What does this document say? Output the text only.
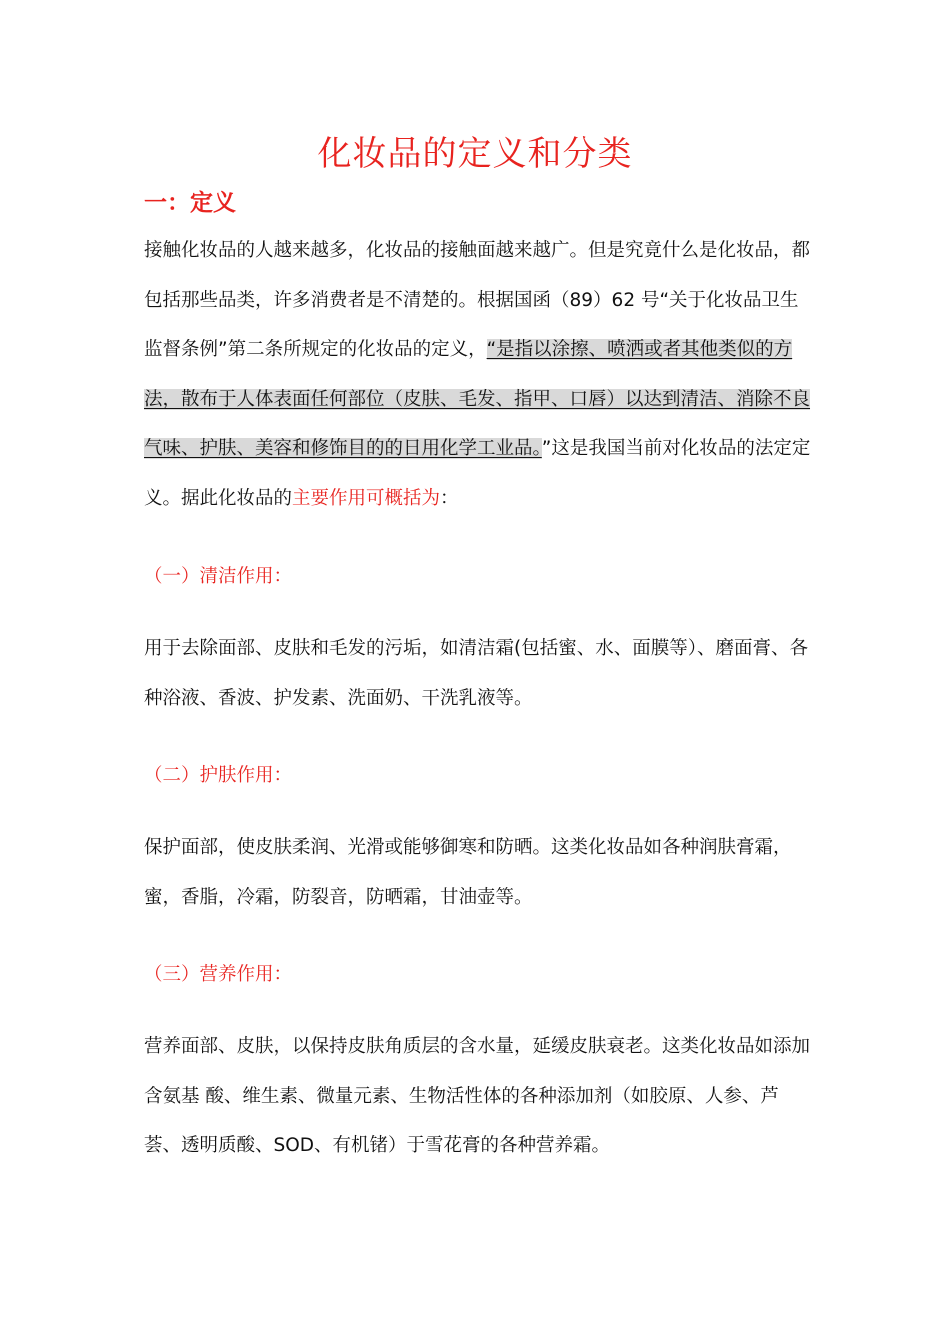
化妆品的定义和分类
一：定义

接触化妆品的人越来越多，化妆品的接触面越来越广。但是究竟什么是化妆品，都包括那些品类，许多消费者是不清楚的。根据国函（89）62 号“关于化妆品卫生监督条例”第二条所规定的化妆品的定义，“是指以涂擦、喷洒或者其他类似的方法，散布于人体表面任何部位（皮肤、毛发、指甲、口唇）以达到清洁、消除不良气味、护肤、美容和修饰目的的日用化学工业品。”这是我国当前对化妆品的法定定义。据此化妆品的主要作用可概括为：

（一）清洁作用：

用于去除面部、皮肤和毛发的污垢，如清洁霜(包括蜜、水、面膜等）、磨面膏、各种浴液、香波、护发素、洗面奶、干洗乳液等。

（二）护肤作用：

保护面部，使皮肤柔润、光滑或能够御寒和防晒。这类化妆品如各种润肤膏霜，蜜，香脂，冷霜，防裂音，防晒霜，甘油壶等。

（三）营养作用：

营养面部、皮肤，以保持皮肤角质层的含水量，延缓皮肤衰老。这类化妆品如添加含氨基 酸、维生素、微量元素、生物活性体的各种添加剂（如胶原、人参、芦荟、透明质酸、SOD、有机锗）于雪花膏的各种营养霜。
